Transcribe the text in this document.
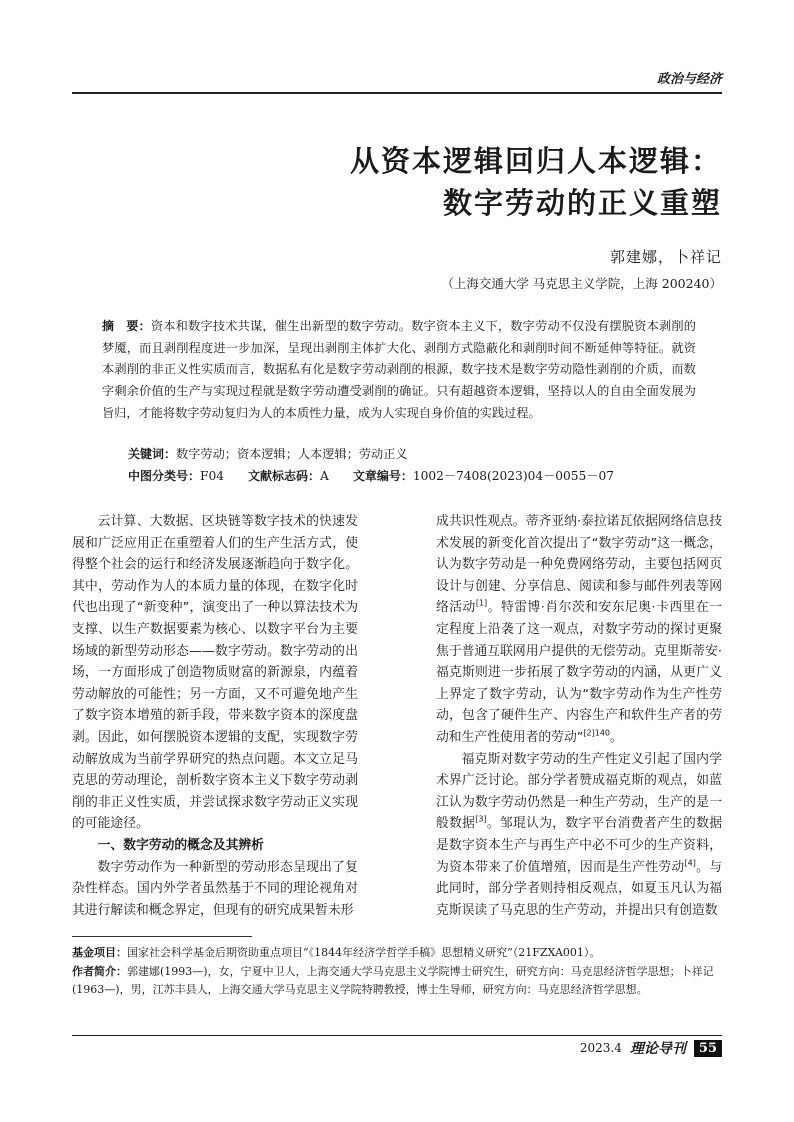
政治与经济
从资本逻辑回归人本逻辑：
数字劳动的正义重塑
郭建娜，卜祥记
（上海交通大学 马克思主义学院，上海 200240）
摘　要：资本和数字技术共谋，催生出新型的数字劳动。数字资本主义下，数字劳动不仅没有摆脱资本剥削的梦魇，而且剥削程度进一步加深，呈现出剥削主体扩大化、剥削方式隐蔽化和剥削时间不断延伸等特征。就资本剥削的非正义性实质而言，数据私有化是数字劳动剥削的根源，数字技术是数字劳动隐性剥削的介质，而数字剩余价值的生产与实现过程就是数字劳动遭受剥削的确证。只有超越资本逻辑，坚持以人的自由全面发展为旨归，才能将数字劳动复归为人的本质性力量，成为人实现自身价值的实践过程。
关键词：数字劳动；资本逻辑；人本逻辑；劳动正义
中图分类号：F04 文献标志码：A 文章编号：1002－7408(2023)04－0055－07

云计算、大数据、区块链等数字技术的快速发展和广泛应用正在重塑着人们的生产生活方式，使得整个社会的运行和经济发展逐渐趋向于数字化。其中，劳动作为人的本质力量的体现，在数字化时代也出现了“新变种”，演变出了一种以算法技术为支撑、以生产数据要素为核心、以数字平台为主要场域的新型劳动形态——数字劳动。数字劳动的出场，一方面形成了创造物质财富的新源泉，内蕴着劳动解放的可能性；另一方面，又不可避免地产生了数字资本增殖的新手段，带来数字资本的深度盘剥。因此，如何摆脱资本逻辑的支配，实现数字劳动解放成为当前学界研究的热点问题。本文立足马克思的劳动理论，剖析数字资本主义下数字劳动剥削的非正义性实质，并尝试探求数字劳动正义实现的可能途径。

一、数字劳动的概念及其辨析

数字劳动作为一种新型的劳动形态呈现出了复杂性样态。国内外学者虽然基于不同的理论视角对其进行解读和概念界定，但现有的研究成果暂未形

成共识性观点。蒂齐亚纳·泰拉诺瓦依据网络信息技术发展的新变化首次提出了“数字劳动”这一概念，认为数字劳动是一种免费网络劳动，主要包括网页设计与创建、分享信息、阅读和参与邮件列表等网络活动[1]。特雷博·肖尔茨和安东尼奥·卡西里在一定程度上沿袭了这一观点，对数字劳动的探讨更聚焦于普通互联网用户提供的无偿劳动。克里斯蒂安·福克斯则进一步拓展了数字劳动的内涵，从更广义上界定了数字劳动，认为“数字劳动作为生产性劳动，包含了硬件生产、内容生产和软件生产者的劳动和生产性使用者的劳动”$^{[2]140}$。

福克斯对数字劳动的生产性定义引起了国内学术界广泛讨论。部分学者赞成福克斯的观点，如蓝江认为数字劳动仍然是一种生产劳动，生产的是一般数据[3]。邹琨认为，数字平台消费者产生的数据是数字资本生产与再生产中必不可少的生产资料，为资本带来了价值增殖，因而是生产性劳动[4]。与此同时，部分学者则持相反观点，如夏玉凡认为福克斯误读了马克思的生产劳动，并提出只有创造数

基金项目：国家社会科学基金后期资助重点项目“《1844年经济学哲学手稿》思想精义研究”（21FZXA001）。
作者简介：郭建娜(1993—)，女，宁夏中卫人，上海交通大学马克思主义学院博士研究生，研究方向：马克思经济哲学思想；卜祥记(1963—)，男，江苏丰县人，上海交通大学马克思主义学院特聘教授，博士生导师，研究方向：马克思经济哲学思想。
2023.4 理论导刊	55
